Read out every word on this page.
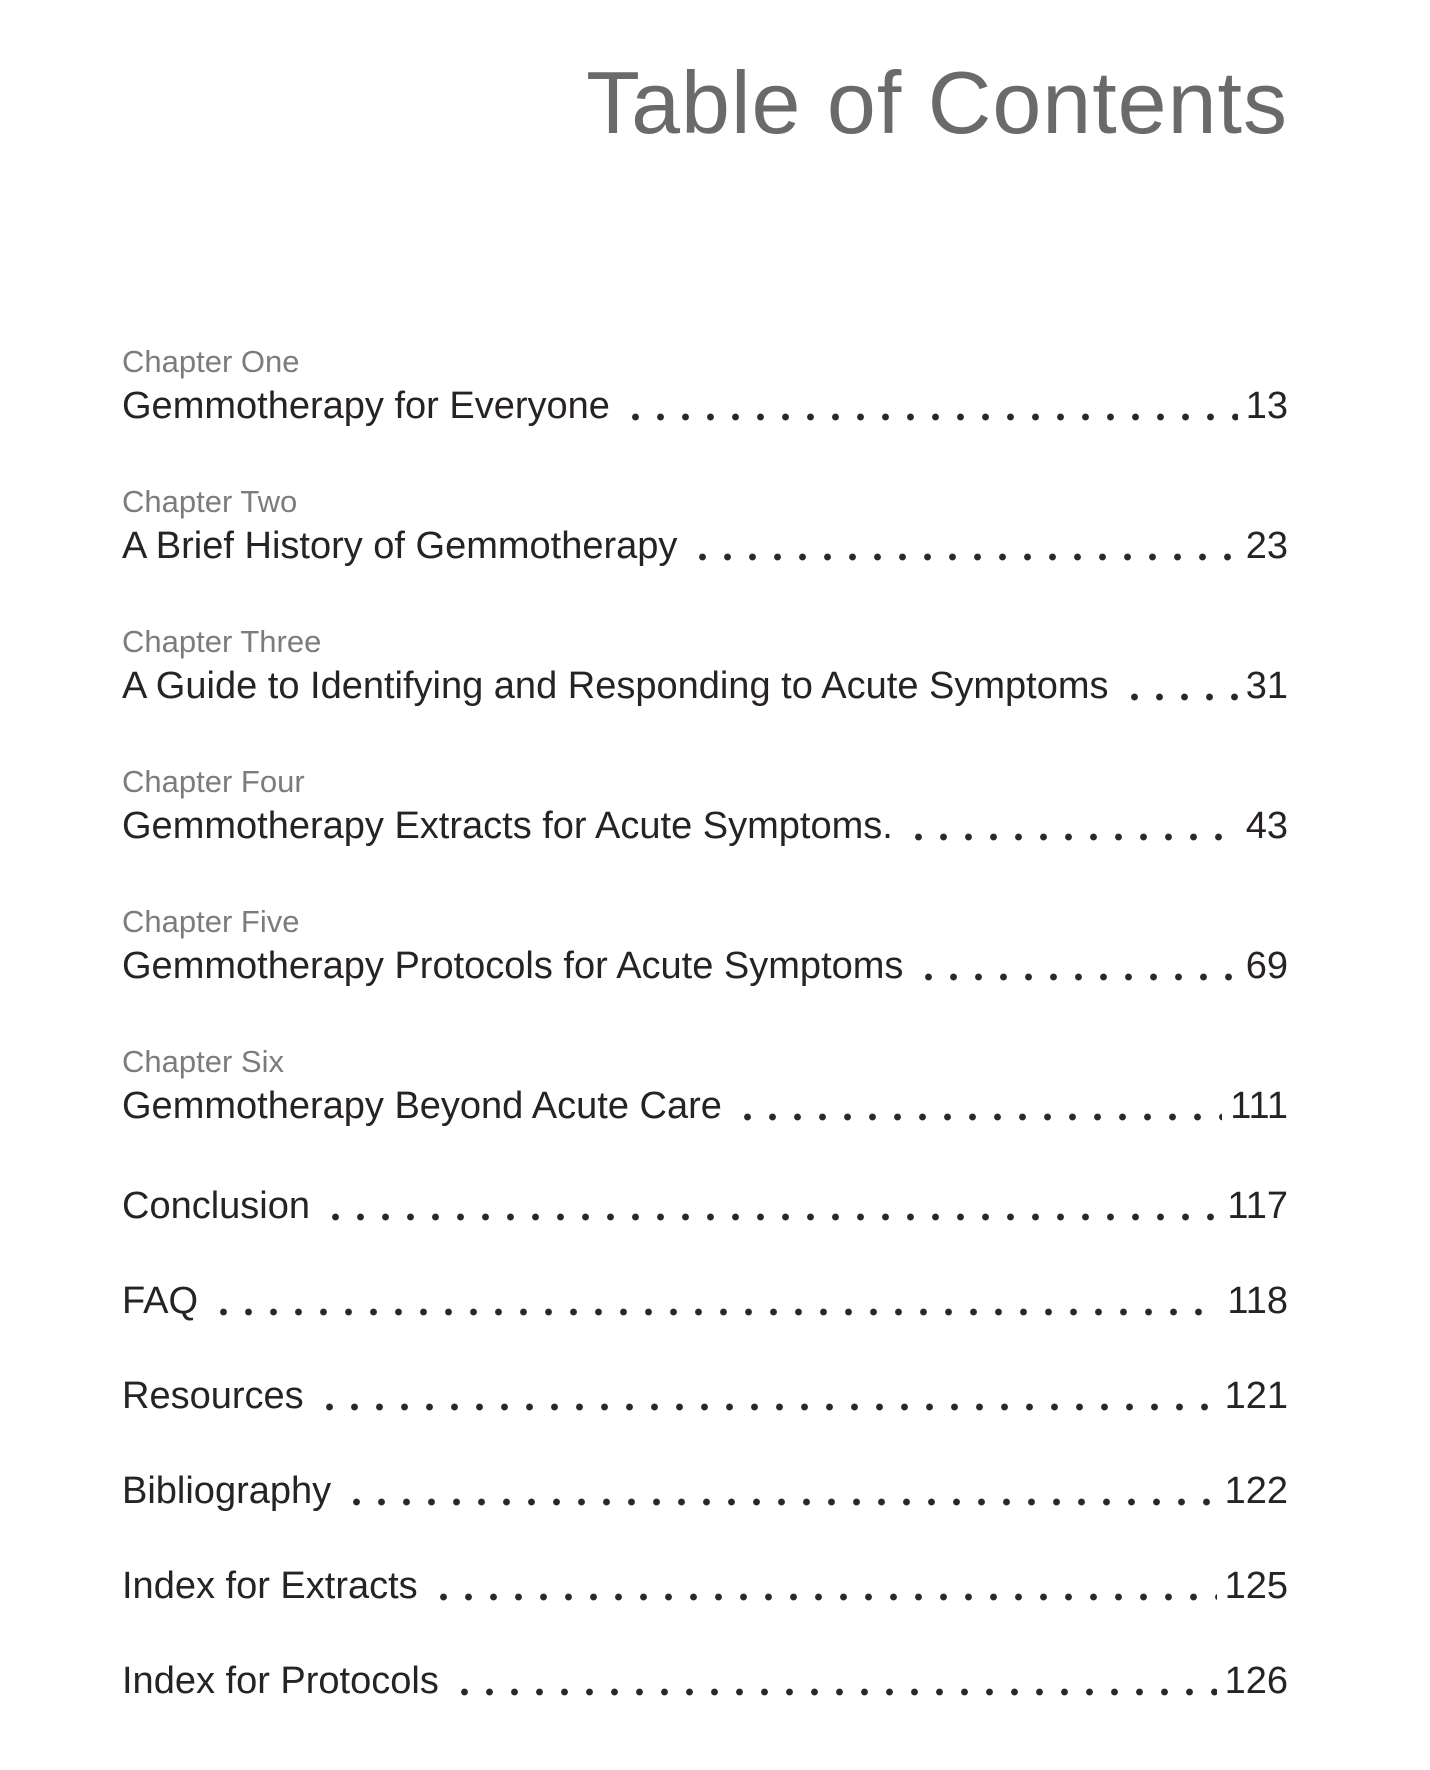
Table of Contents
Chapter One
Gemmotherapy for Everyone	13
Chapter Two
A Brief History of Gemmotherapy	23
Chapter Three
A Guide to Identifying and Responding to Acute Symptoms	31
Chapter Four
Gemmotherapy Extracts for Acute Symptoms.	43
Chapter Five
Gemmotherapy Protocols for Acute Symptoms	69
Chapter Six
Gemmotherapy Beyond Acute Care	111
Conclusion	117
FAQ	118
Resources	121
Bibliography	122
Index for Extracts	125
Index for Protocols	126
